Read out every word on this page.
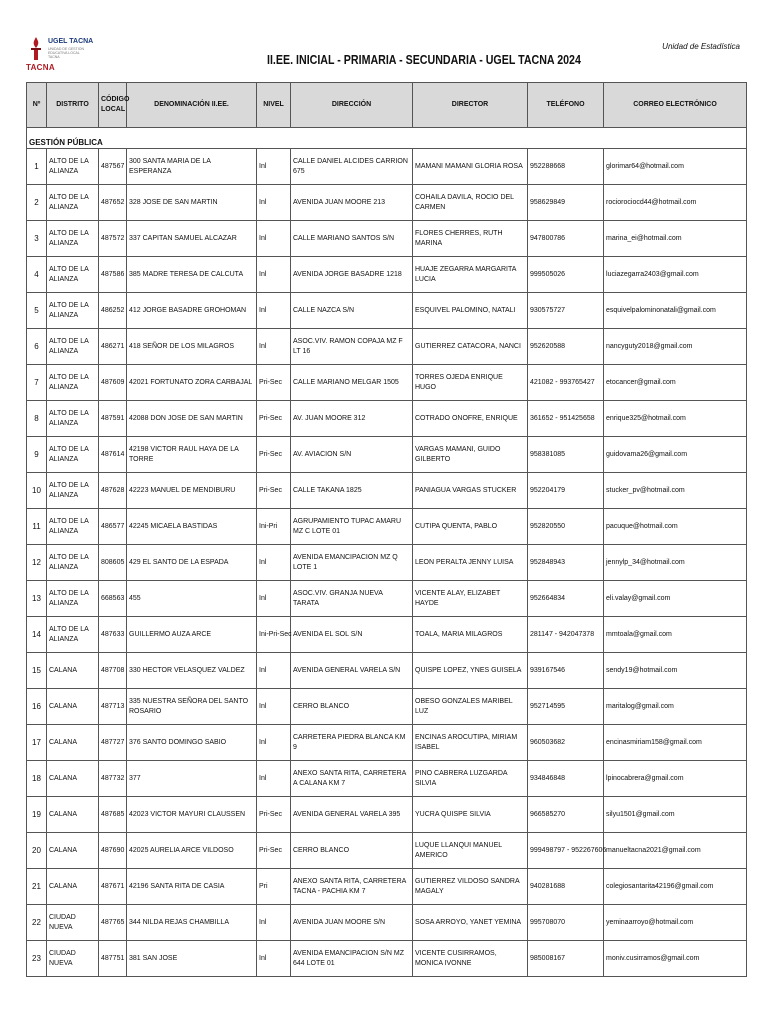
UGEL TACNA
UNIDAD DE GESTION EDUCATIVA LOCAL TACNA
TACNA
II.EE. INICIAL - PRIMARIA - SECUNDARIA - UGEL TACNA 2024
Unidad de Estadística
Nº	DISTRITO	CÓDIGO LOCAL	DENOMINACIÓN II.EE.	NIVEL	DIRECCIÓN	DIRECTOR	TELÉFONO	CORREO ELECTRÓNICO
GESTIÓN PÚBLICA								
1	ALTO DE LA ALIANZA	487567	300 SANTA MARIA DE LA ESPERANZA	Inl	CALLE DANIEL ALCIDES CARRION 675	MAMANI MAMANI GLORIA ROSA	952288668	glorimar64@hotmail.com
2	ALTO DE LA ALIANZA	487652	328 JOSE DE SAN MARTIN	Inl	AVENIDA JUAN MOORE 213	COHAILA DAVILA, ROCIO DEL CARMEN	958629849	rociorociocd44@hotmail.com
3	ALTO DE LA ALIANZA	487572	337 CAPITAN SAMUEL ALCAZAR	Inl	CALLE MARIANO SANTOS S/N	FLORES CHERRES, RUTH MARINA	947800786	marina_ei@hotmail.com
4	ALTO DE LA ALIANZA	487586	385 MADRE TERESA DE CALCUTA	Inl	AVENIDA JORGE BASADRE 1218	HUAJE ZEGARRA MARGARITA LUCIA	999505026	luciazegarra2403@gmail.com
5	ALTO DE LA ALIANZA	486252	412 JORGE BASADRE GROHOMAN	Inl	CALLE NAZCA S/N	ESQUIVEL PALOMINO, NATALI	930575727	esquivelpalominonatali@gmail.com
6	ALTO DE LA ALIANZA	486271	418 SEÑOR DE LOS MILAGROS	Inl	ASOC.VIV. RAMON COPAJA MZ F LT 16	GUTIERREZ CATACORA, NANCI	952620588	nancyguty2018@gmail.com
7	ALTO DE LA ALIANZA	487609	42021 FORTUNATO ZORA CARBAJAL	Pri-Sec	CALLE MARIANO MELGAR 1505	TORRES OJEDA ENRIQUE HUGO	421082 - 993765427	etocancer@gmail.com
8	ALTO DE LA ALIANZA	487591	42088 DON JOSE DE SAN MARTIN	Pri-Sec	AV. JUAN MOORE 312	COTRADO ONOFRE, ENRIQUE	361652 - 951425658	enrique325@hotmail.com
9	ALTO DE LA ALIANZA	487614	42198 VICTOR RAUL HAYA DE LA TORRE	Pri-Sec	AV. AVIACION S/N	VARGAS MAMANI, GUIDO GILBERTO	958381085	guidovama26@gmail.com
10	ALTO DE LA ALIANZA	487628	42223 MANUEL DE MENDIBURU	Pri-Sec	CALLE TAKANA 1825	PANIAGUA VARGAS STUCKER	952204179	stucker_pv@hotmail.com
11	ALTO DE LA ALIANZA	486577	42245 MICAELA BASTIDAS	Ini-Pri	AGRUPAMIENTO TUPAC AMARU MZ C LOTE 01	CUTIPA QUENTA, PABLO	952820550	pacuque@hotmail.com
12	ALTO DE LA ALIANZA	808605	429 EL SANTO DE LA ESPADA	Inl	AVENIDA EMANCIPACION MZ Q LOTE 1	LEON PERALTA JENNY LUISA	952848943	jennylp_34@hotmail.com
13	ALTO DE LA ALIANZA	668563	455	Inl	ASOC.VIV. GRANJA NUEVA TARATA	VICENTE ALAY, ELIZABET HAYDE	952664834	eli.valay@gmail.com
14	ALTO DE LA ALIANZA	487633	GUILLERMO AUZA ARCE	Ini-Pri-Sec	AVENIDA EL SOL S/N	TOALA, MARIA MILAGROS	281147 - 942047378	mmtoala@gmail.com
15	CALANA	487708	330 HECTOR VELASQUEZ VALDEZ	Inl	AVENIDA GENERAL VARELA S/N	QUISPE LOPEZ, YNES GUISELA	939167546	sendy19@hotmail.com
16	CALANA	487713	335 NUESTRA SEÑORA DEL SANTO ROSARIO	Inl	CERRO BLANCO	OBESO GONZALES MARIBEL LUZ	952714595	maritalog@gmail.com
17	CALANA	487727	376 SANTO DOMINGO SABIO	Inl	CARRETERA PIEDRA BLANCA KM 9	ENCINAS AROCUTIPA, MIRIAM ISABEL	960503682	encinasmiriam158@gmail.com
18	CALANA	487732	377	Inl	ANEXO SANTA RITA, CARRETERA A CALANA KM 7	PINO CABRERA LUZGARDA SILVIA	934846848	lpinocabrera@gmail.com
19	CALANA	487685	42023 VICTOR MAYURI CLAUSSEN	Pri-Sec	AVENIDA GENERAL VARELA 395	YUCRA QUISPE SILVIA	966585270	silyu1501@gmail.com
20	CALANA	487690	42025 AURELIA ARCE VILDOSO	Pri-Sec	CERRO BLANCO	LUQUE LLANQUI MANUEL AMERICO	999498797 - 952267606	manueltacna2021@gmail.com
21	CALANA	487671	42196 SANTA RITA DE CASIA	Pri	ANEXO SANTA RITA, CARRETERA TACNA - PACHIA KM 7	GUTIERREZ VILDOSO SANDRA MAGALY	940281688	colegiosantarita42196@gmail.com
22	CIUDAD NUEVA	487765	344 NILDA REJAS CHAMBILLA	Inl	AVENIDA JUAN MOORE S/N	SOSA ARROYO, YANET YEMINA	995708070	yeminaarroyo@hotmail.com
23	CIUDAD NUEVA	487751	381 SAN JOSE	Inl	AVENIDA EMANCIPACION S/N MZ 644 LOTE 01	VICENTE CUSIRRAMOS, MONICA IVONNE	985008167	moniv.cusirramos@gmail.com
